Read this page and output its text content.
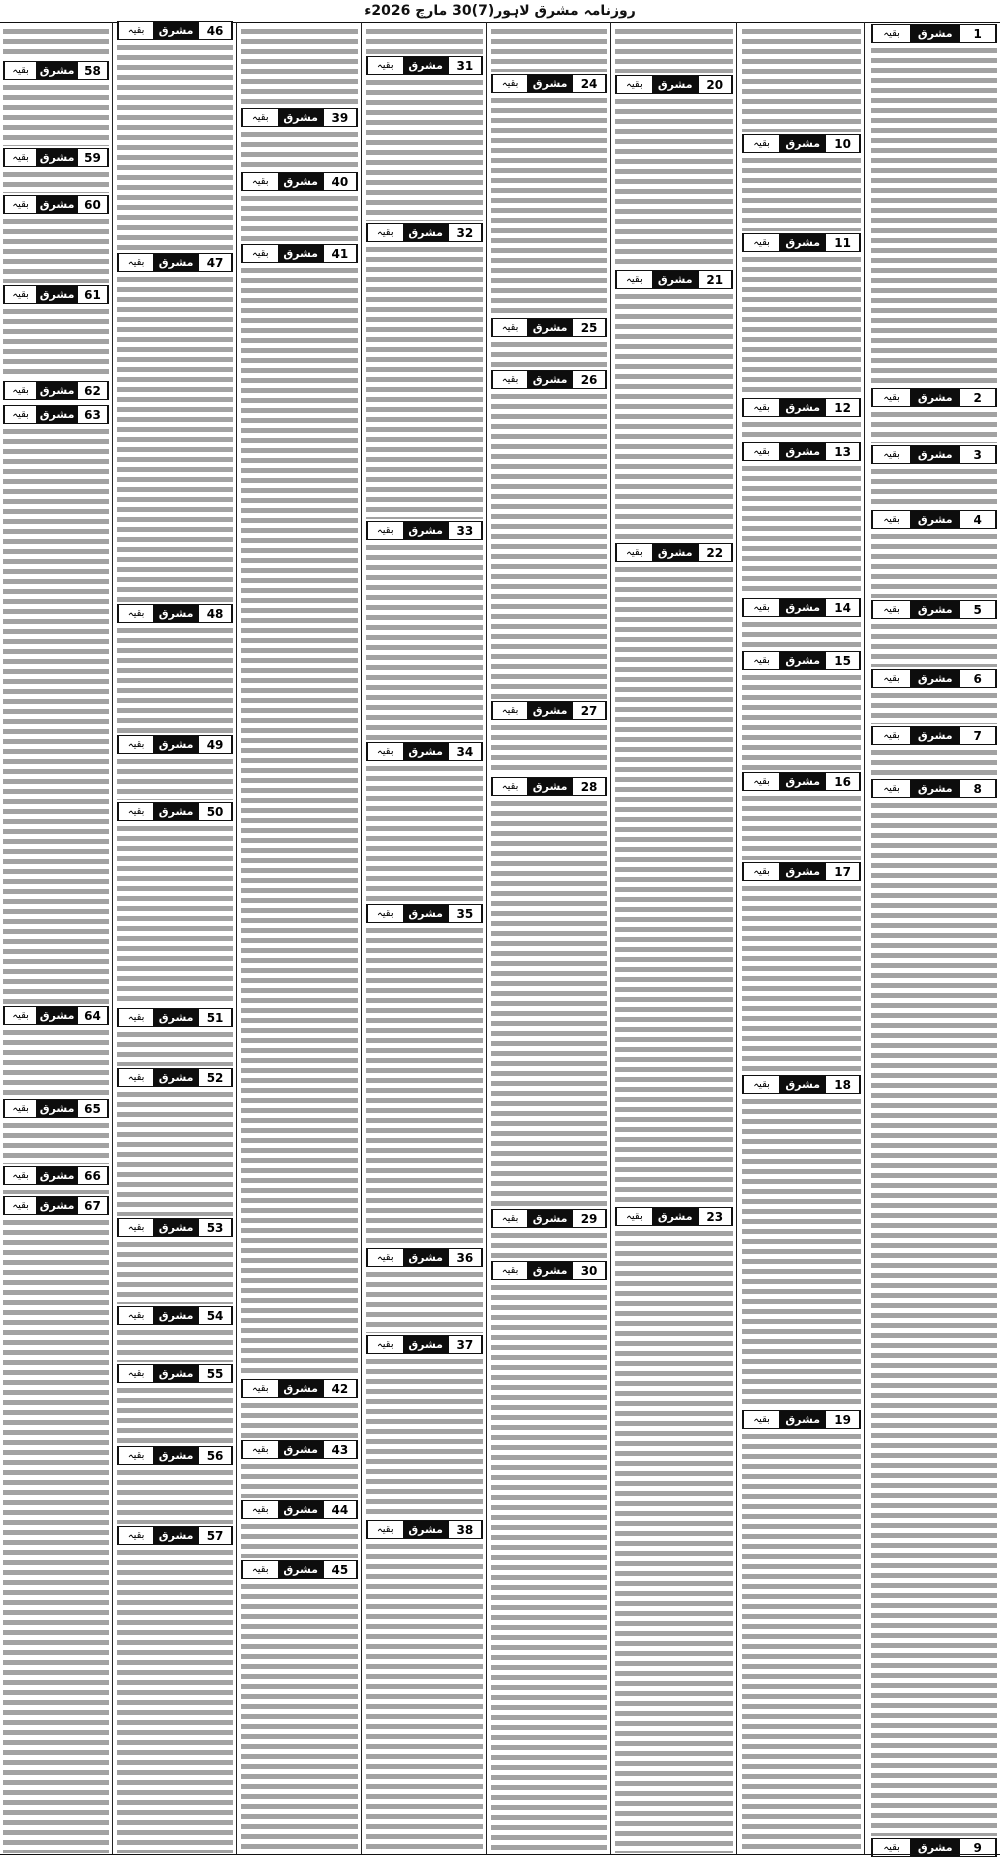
روزنامہ مشرق لاہور(7)30 مارچ 2026ء
بقیہ	مشرق	1
بقیہ	مشرق	2
بقیہ	مشرق	3
بقیہ	مشرق	4
بقیہ	مشرق	5
بقیہ	مشرق	6
بقیہ	مشرق	7
بقیہ	مشرق	8
بقیہ	مشرق	9
بقیہ	مشرق	10
بقیہ	مشرق	11
بقیہ	مشرق	12
بقیہ	مشرق	13
بقیہ	مشرق	14
بقیہ	مشرق	15
بقیہ	مشرق	16
بقیہ	مشرق	17
بقیہ	مشرق	18
بقیہ	مشرق	19
بقیہ	مشرق	20
بقیہ	مشرق	21
بقیہ	مشرق	22
بقیہ	مشرق	23
بقیہ	مشرق	24
بقیہ	مشرق	25
بقیہ	مشرق	26
بقیہ	مشرق	27
بقیہ	مشرق	28
بقیہ	مشرق	29
بقیہ	مشرق	30
بقیہ	مشرق	31
بقیہ	مشرق	32
بقیہ	مشرق	33
بقیہ	مشرق	34
بقیہ	مشرق	35
بقیہ	مشرق	36
بقیہ	مشرق	37
بقیہ	مشرق	38
بقیہ	مشرق	39
بقیہ	مشرق	40
بقیہ	مشرق	41
بقیہ	مشرق	42
بقیہ	مشرق	43
بقیہ	مشرق	44
بقیہ	مشرق	45
بقیہ	مشرق	46
بقیہ	مشرق	47
بقیہ	مشرق	48
بقیہ	مشرق	49
بقیہ	مشرق	50
بقیہ	مشرق	51
بقیہ	مشرق	52
بقیہ	مشرق	53
بقیہ	مشرق	54
بقیہ	مشرق	55
بقیہ	مشرق	56
بقیہ	مشرق	57
بقیہ مشرق 58
بقیہ مشرق 59
بقیہ مشرق 60
بقیہ مشرق 61
بقیہ مشرق 62
بقیہ مشرق 63
بقیہ مشرق 64
بقیہ مشرق 65
بقیہ مشرق 66
بقیہ مشرق 67
